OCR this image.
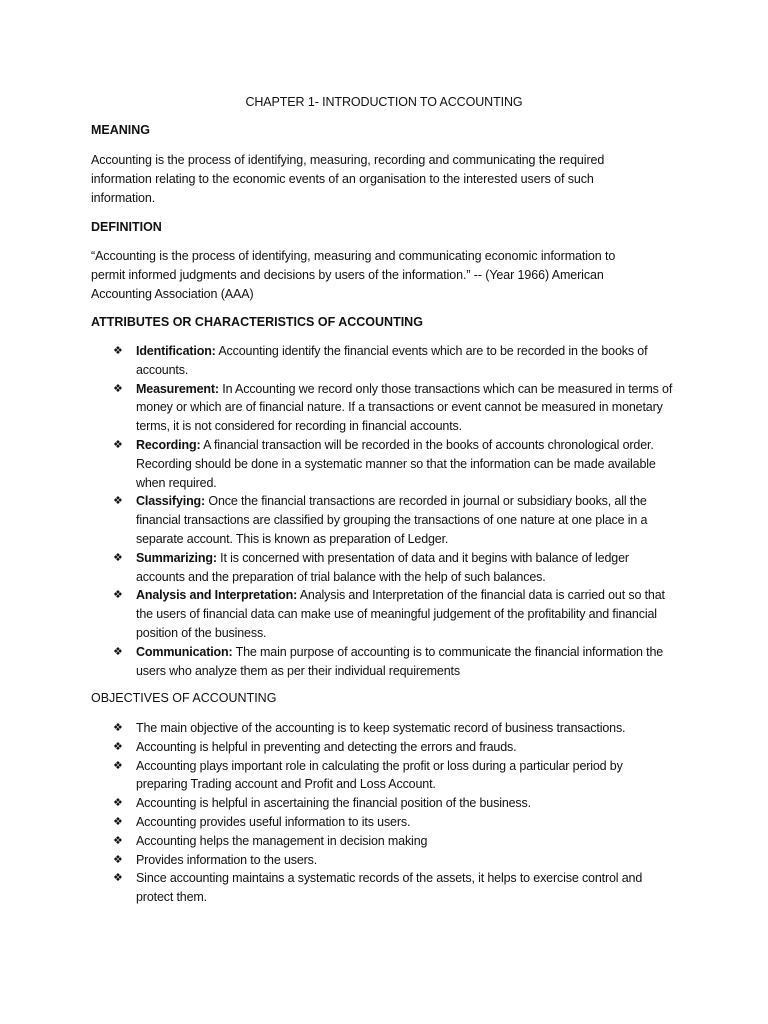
CHAPTER 1- INTRODUCTION TO ACCOUNTING
MEANING
Accounting is the process of identifying, measuring, recording and communicating the required information relating to the economic events of an organisation to the interested users of such information.
DEFINITION
“Accounting is the process of identifying, measuring and communicating economic information to permit informed judgments and decisions by users of the information.” -- (Year 1966) American Accounting Association (AAA)
ATTRIBUTES OR CHARACTERISTICS OF ACCOUNTING
❖ Identification: Accounting identify the financial events which are to be recorded in the books of accounts.
❖ Measurement: In Accounting we record only those transactions which can be measured in terms of money or which are of financial nature. If a transactions or event cannot be measured in monetary terms, it is not considered for recording in financial accounts.
❖ Recording: A financial transaction will be recorded in the books of accounts chronological order. Recording should be done in a systematic manner so that the information can be made available when required.
❖ Classifying: Once the financial transactions are recorded in journal or subsidiary books, all the financial transactions are classified by grouping the transactions of one nature at one place in a separate account. This is known as preparation of Ledger.
❖ Summarizing: It is concerned with presentation of data and it begins with balance of ledger accounts and the preparation of trial balance with the help of such balances.
❖ Analysis and Interpretation: Analysis and Interpretation of the financial data is carried out so that the users of financial data can make use of meaningful judgement of the profitability and financial position of the business.
❖ Communication: The main purpose of accounting is to communicate the financial information the users who analyze them as per their individual requirements
OBJECTIVES OF ACCOUNTING
❖ The main objective of the accounting is to keep systematic record of business transactions.
❖ Accounting is helpful in preventing and detecting the errors and frauds.
❖ Accounting plays important role in calculating the profit or loss during a particular period by preparing Trading account and Profit and Loss Account.
❖ Accounting is helpful in ascertaining the financial position of the business.
❖ Accounting provides useful information to its users.
❖ Accounting helps the management in decision making
❖ Provides information to the users.
❖ Since accounting maintains a systematic records of the assets, it helps to exercise control and protect them.
